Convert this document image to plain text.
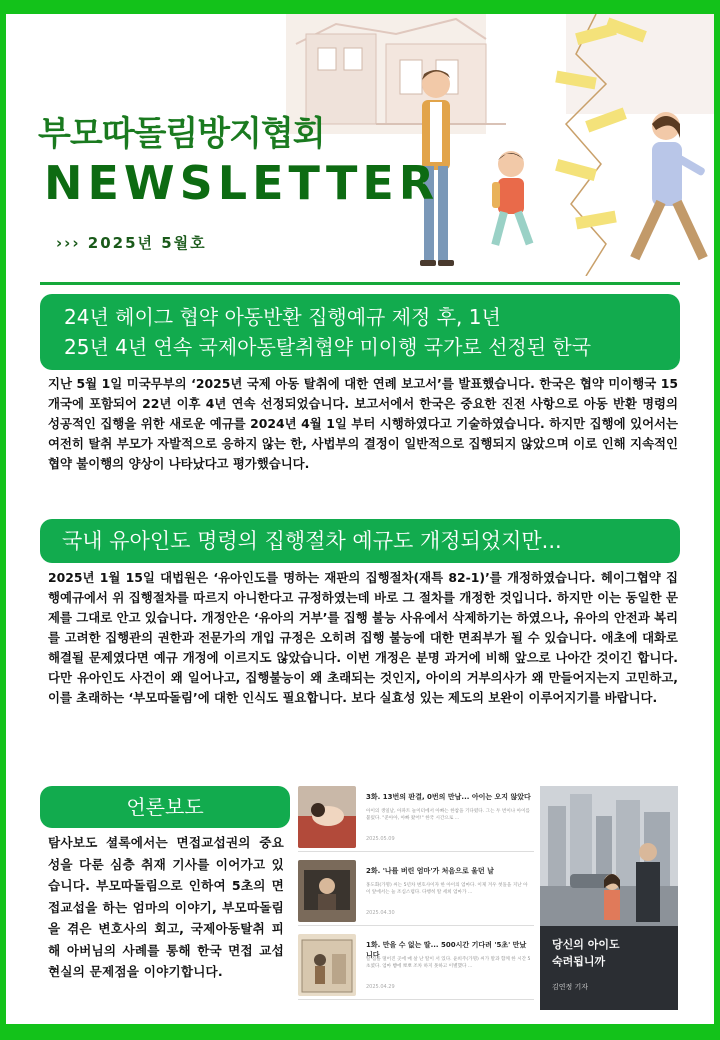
부모따돌림방지협회
NEWSLETTER
››› 2025년 5월호
24년 헤이그 협약 아동반환 집행예규 제정 후, 1년
25년 4년 연속 국제아동탈취협약 미이행 국가로 선정된 한국
지난 5월 1일 미국무부의 ‘2025년 국제 아동 탈취에 대한 연례 보고서’를 발표했습니다. 한국은 협약 미이행국 15개국에 포함되어 22년 이후 4년 연속 선정되었습니다. 보고서에서 한국은 중요한 진전 사항으로 아동 반환 명령의 성공적인 집행을 위한 새로운 예규를 2024년 4월 1일 부터 시행하였다고 기술하였습니다. 하지만 집행에 있어서는 여전히 탈취 부모가 자발적으로 응하지 않는 한, 사법부의 결정이 일반적으로 집행되지 않았으며 이로 인해 지속적인 협약 불이행의 양상이 나타났다고 평가했습니다.
국내 유아인도 명령의 집행절차 예규도 개정되었지만...
2025년 1월 15일 대법원은 ‘유아인도를 명하는 재판의 집행절차(재특 82-1)’를 개정하였습니다. 헤이그협약 집행예규에서 위 집행절차를 따르지 아니한다고 규정하였는데 바로 그 절차를 개정한 것입니다. 하지만 이는 동일한 문제를 그대로 안고 있습니다. 개정안은 ‘유아의 거부’를 집행 불능 사유에서 삭제하기는 하였으나, 유아의 안전과 복리를 고려한 집행관의 권한과 전문가의 개입 규정은 오히려 집행 불능에 대한 면죄부가 될 수 있습니다. 애초에 대화로 해결될 문제였다면 예규 개정에 이르지도 않았습니다. 이번 개정은 분명 과거에 비해 앞으로 나아간 것이긴 합니다. 다만 유아인도 사건이 왜 일어나고, 집행불능이 왜 초래되는 것인지, 아이의 거부의사가 왜 만들어지는지 고민하고, 이를 초래하는 ‘부모따돌림’에 대한 인식도 필요합니다. 보다 실효성 있는 제도의 보완이 이루어지기를 바랍니다.
언론보도
탐사보도 셜록에서는 면접교섭권의 중요성을 다룬 심층 취재 기사를 이어가고 있습니다. 부모따돌림으로 인하여 5초의 면접교섭을 하는 엄마의 이야기, 부모따돌림을 겪은 변호사의 회고, 국제아동탈취 피해 아버님의 사례를 통해 한국 면접 교섭 현실의 문제점을 이야기합니다.
3화. 13번의 판결, 0번의 만남... 아이는 오지 않았다
아이의 생일날, 아파트 놀이터에서 아빠는 한참을 기다렸다. 그는 두 번이나 아이를 불렀다. "준아아, 아빠 왔어!" 한국 시간으로 ...
2025.05.09
2화. '나를 버린 엄마'가 처음으로 울던 날
홍도화(가명) 씨는 5년차 변호사이자 한 아이의 엄마다. 이제 겨우 첫돌을 지난 아이 앞에서는 늘 조심스럽다. 다행히 딸 세희 엄마가 ...
2025.04.30
1화. 만을 수 없는 딸... 500시간 기다려 '5초' 만났니다
딸 집을 떨어진 곳에 매 살 난 딸이 서 있다. 윤희주(가명) 씨가 딸과 함께 한 시간 5초였다. 엄마 뺨에 뽀뽀 조차 하지 못하고 이별했다 ...
2025.04.29
당신의 아이도
숙려됩니까
김연정 기자
